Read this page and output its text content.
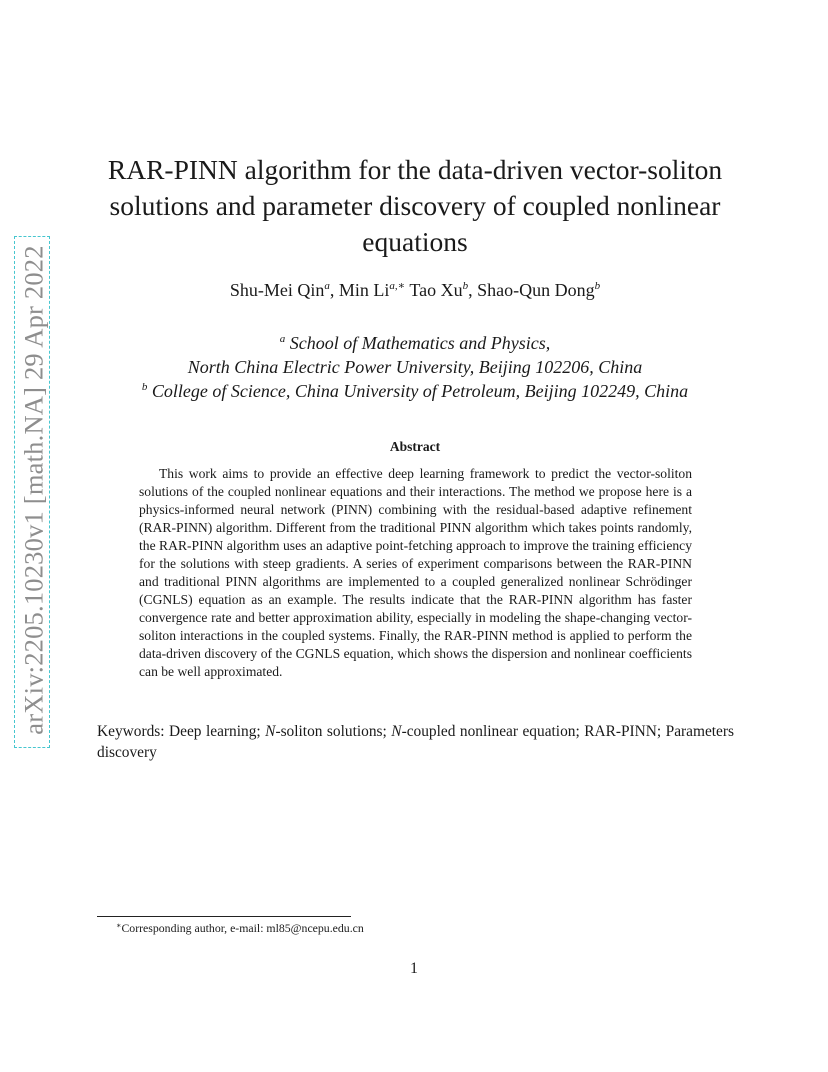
arXiv:2205.10230v1 [math.NA] 29 Apr 2022
RAR-PINN algorithm for the data-driven vector-soliton solutions and parameter discovery of coupled nonlinear equations
Shu-Mei Qin$^a$, Min $Li^{a,∗}$ Tao Xu$^b$, Shao-Qun Dong$^b$
$^a$ School of Mathematics and Physics,
North China Electric Power University, Beijing 102206, China
$^b$ College of Science, China University of Petroleum, Beijing 102249, China
Abstract

This work aims to provide an effective deep learning framework to predict the vector-soliton solutions of the coupled nonlinear equations and their interactions. The method we propose here is a physics-informed neural network (PINN) combining with the residual-based adaptive refinement (RAR-PINN) algorithm. Different from the traditional PINN algorithm which takes points randomly, the RAR-PINN algorithm uses an adaptive point-fetching approach to improve the training efficiency for the solutions with steep gradients. A series of experiment comparisons between the RAR-PINN and traditional PINN algorithms are implemented to a coupled generalized nonlinear Schrödinger (CGNLS) equation as an example. The results indicate that the RAR-PINN algorithm has faster convergence rate and better approximation ability, especially in modeling the shape-changing vector-soliton interactions in the coupled systems. Finally, the RAR-PINN method is applied to perform the data-driven discovery of the CGNLS equation, which shows the dispersion and nonlinear coefficients can be well approximated.

Keywords: Deep learning; N-soliton solutions; N-coupled nonlinear equation; RAR-PINN; Parameters discovery

∗Corresponding author, e-mail: ml85@ncepu.edu.cn
1
